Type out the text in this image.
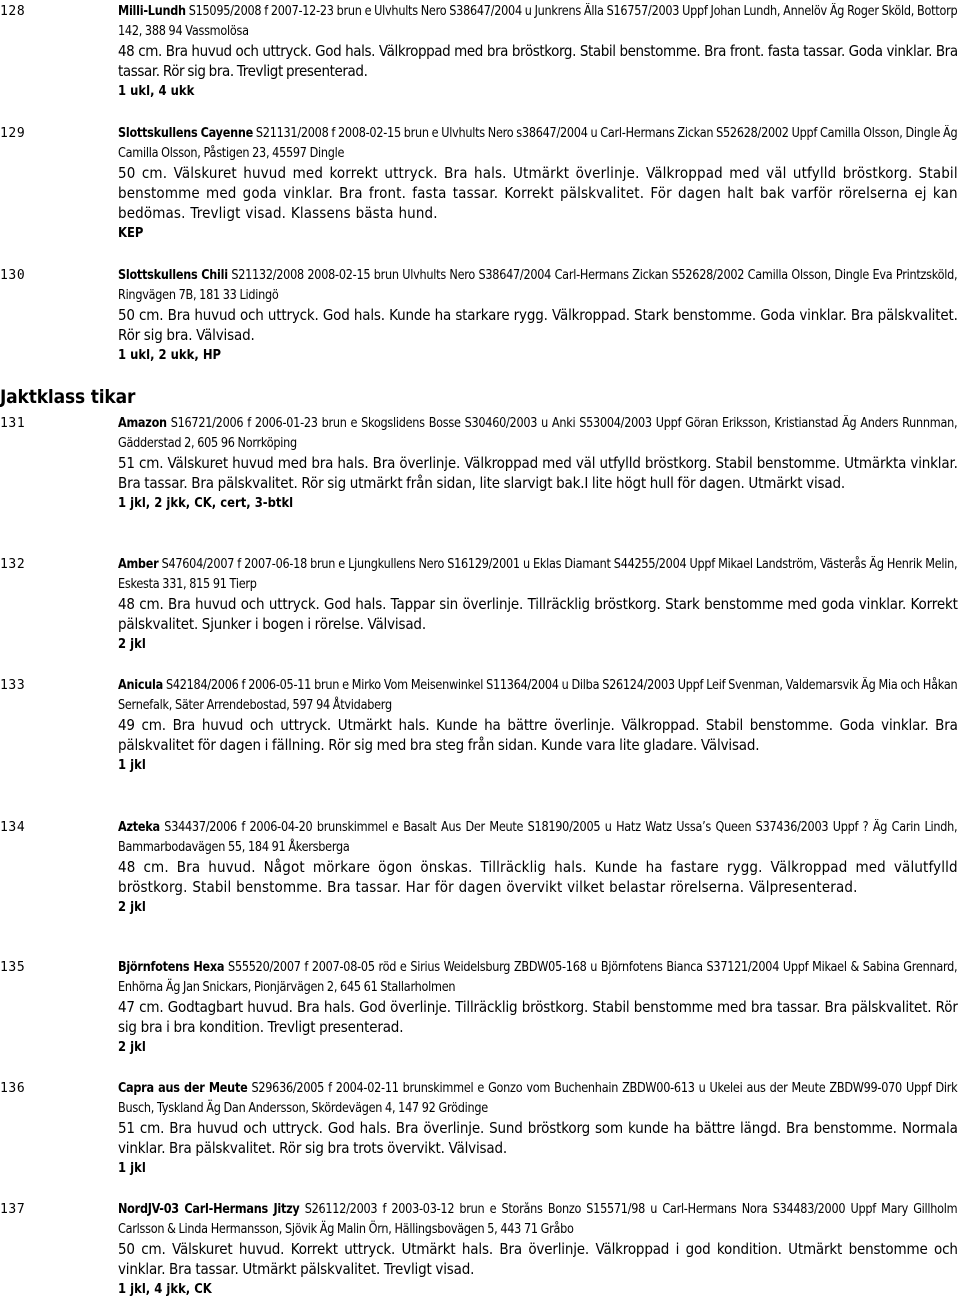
128	Milli-Lundh S15095/2008 f 2007-12-23 brun e Ulvhults Nero S38647/2004 u Junkrens Älla S16757/2003 Uppf Johan Lundh, Annelöv Äg Roger Sköld, Bottorp 142, 388 94 Vassmolösa
48 cm. Bra huvud och uttryck. God hals. Välkroppad med bra bröstkorg. Stabil benstomme. Bra front. fasta tassar. Goda vinklar. Bra tassar. Rör sig bra. Trevligt presenterad.
1 ukl, 4 ukk
129	Slottskullens Cayenne S21131/2008 f 2008-02-15 brun e Ulvhults Nero s38647/2004 u Carl-Hermans Zickan S52628/2002 Uppf Camilla Olsson, Dingle Äg Camilla Olsson, Påstigen 23, 45597 Dingle
50 cm. Välskuret huvud med korrekt uttryck. Bra hals. Utmärkt överlinje. Välkroppad med väl utfylld bröstkorg. Stabil benstomme med goda vinklar. Bra front. fasta tassar. Korrekt pälskvalitet. För dagen halt bak varför rörelserna ej kan bedömas. Trevligt visad. Klassens bästa hund.
KEP
130	Slottskullens Chili S21132/2008 2008-02-15 brun Ulvhults Nero S38647/2004 Carl-Hermans Zickan S52628/2002 Camilla Olsson, Dingle Eva Printzsköld, Ringvägen 7B, 181 33 Lidingö
50 cm. Bra huvud och uttryck. God hals. Kunde ha starkare rygg. Välkroppad. Stark benstomme. Goda vinklar. Bra pälskvalitet. Rör sig bra. Välvisad.
1 ukl, 2 ukk, HP
Jaktklass tikar
131	Amazon S16721/2006 f 2006-01-23 brun e Skogslidens Bosse S30460/2003 u Anki S53004/2003 Uppf Göran Eriksson, Kristianstad Äg Anders Runnman, Gädderstad 2, 605 96 Norrköping
51 cm. Välskuret huvud med bra hals. Bra överlinje. Välkroppad med väl utfylld bröstkorg. Stabil benstomme. Utmärkta vinklar. Bra tassar. Bra pälskvalitet. Rör sig utmärkt från sidan, lite slarvigt bak.I lite högt hull för dagen. Utmärkt visad.
1 jkl, 2 jkk, CK, cert, 3-btkl
132	Amber S47604/2007 f 2007-06-18 brun e Ljungkullens Nero S16129/2001 u Eklas Diamant S44255/2004 Uppf Mikael Landström, Västerås Äg Henrik Melin, Eskesta 331, 815 91 Tierp
48 cm. Bra huvud och uttryck. God hals. Tappar sin överlinje. Tillräcklig bröstkorg. Stark benstomme med goda vinklar. Korrekt pälskvalitet. Sjunker i bogen i rörelse. Välvisad.
2 jkl
133	Anicula S42184/2006 f 2006-05-11 brun e Mirko Vom Meisenwinkel S11364/2004 u Dilba S26124/2003 Uppf Leif Svenman, Valdemarsvik Äg Mia och Håkan Sernefalk, Säter Arrendebostad, 597 94 Åtvidaberg
49 cm. Bra huvud och uttryck. Utmärkt hals. Kunde ha bättre överlinje. Välkroppad. Stabil benstomme. Goda vinklar. Bra pälskvalitet för dagen i fällning. Rör sig med bra steg från sidan. Kunde vara lite gladare. Välvisad.
1 jkl
134	Azteka S34437/2006 f 2006-04-20 brunskimmel e Basalt Aus Der Meute S18190/2005 u Hatz Watz Ussa’s Queen S37436/2003 Uppf ? Äg Carin Lindh, Bammarbodavägen 55, 184 91 Åkersberga
48 cm. Bra huvud. Något mörkare ögon önskas. Tillräcklig hals. Kunde ha fastare rygg. Välkroppad med välutfylld bröstkorg. Stabil benstomme. Bra tassar. Har för dagen övervikt vilket belastar rörelserna. Välpresenterad.
2 jkl
135	Björnfotens Hexa S55520/2007 f 2007-08-05 röd e Sirius Weidelsburg ZBDW05-168 u Björnfotens Bianca S37121/2004 Uppf Mikael & Sabina Grennard, Enhörna Äg Jan Snickars, Pionjärvägen 2, 645 61 Stallarholmen
47 cm. Godtagbart huvud. Bra hals. God överlinje. Tillräcklig bröstkorg. Stabil benstomme med bra tassar. Bra pälskvalitet. Rör sig bra i bra kondition. Trevligt presenterad.
2 jkl
136	Capra aus der Meute S29636/2005 f 2004-02-11 brunskimmel e Gonzo vom Buchenhain ZBDW00-613 u Ukelei aus der Meute ZBDW99-070 Uppf Dirk Busch, Tyskland Äg Dan Andersson, Skördevägen 4, 147 92 Grödinge
51 cm. Bra huvud och uttryck. God hals. Bra överlinje. Sund bröstkorg som kunde ha bättre längd. Bra benstomme. Normala vinklar. Bra pälskvalitet. Rör sig bra trots övervikt. Välvisad.
1 jkl
137	NordJV-03 Carl-Hermans Jitzy S26112/2003 f 2003-03-12 brun e Storåns Bonzo S15571/98 u Carl-Hermans Nora S34483/2000 Uppf Mary Gillholm Carlsson & Linda Hermansson, Sjövik Äg Malin Örn, Hällingsbovägen 5, 443 71 Gråbo
50 cm. Välskuret huvud. Korrekt uttryck. Utmärkt hals. Bra överlinje. Välkroppad i god kondition. Utmärkt benstomme och vinklar. Bra tassar. Utmärkt pälskvalitet. Trevligt visad.
1 jkl, 4 jkk, CK
